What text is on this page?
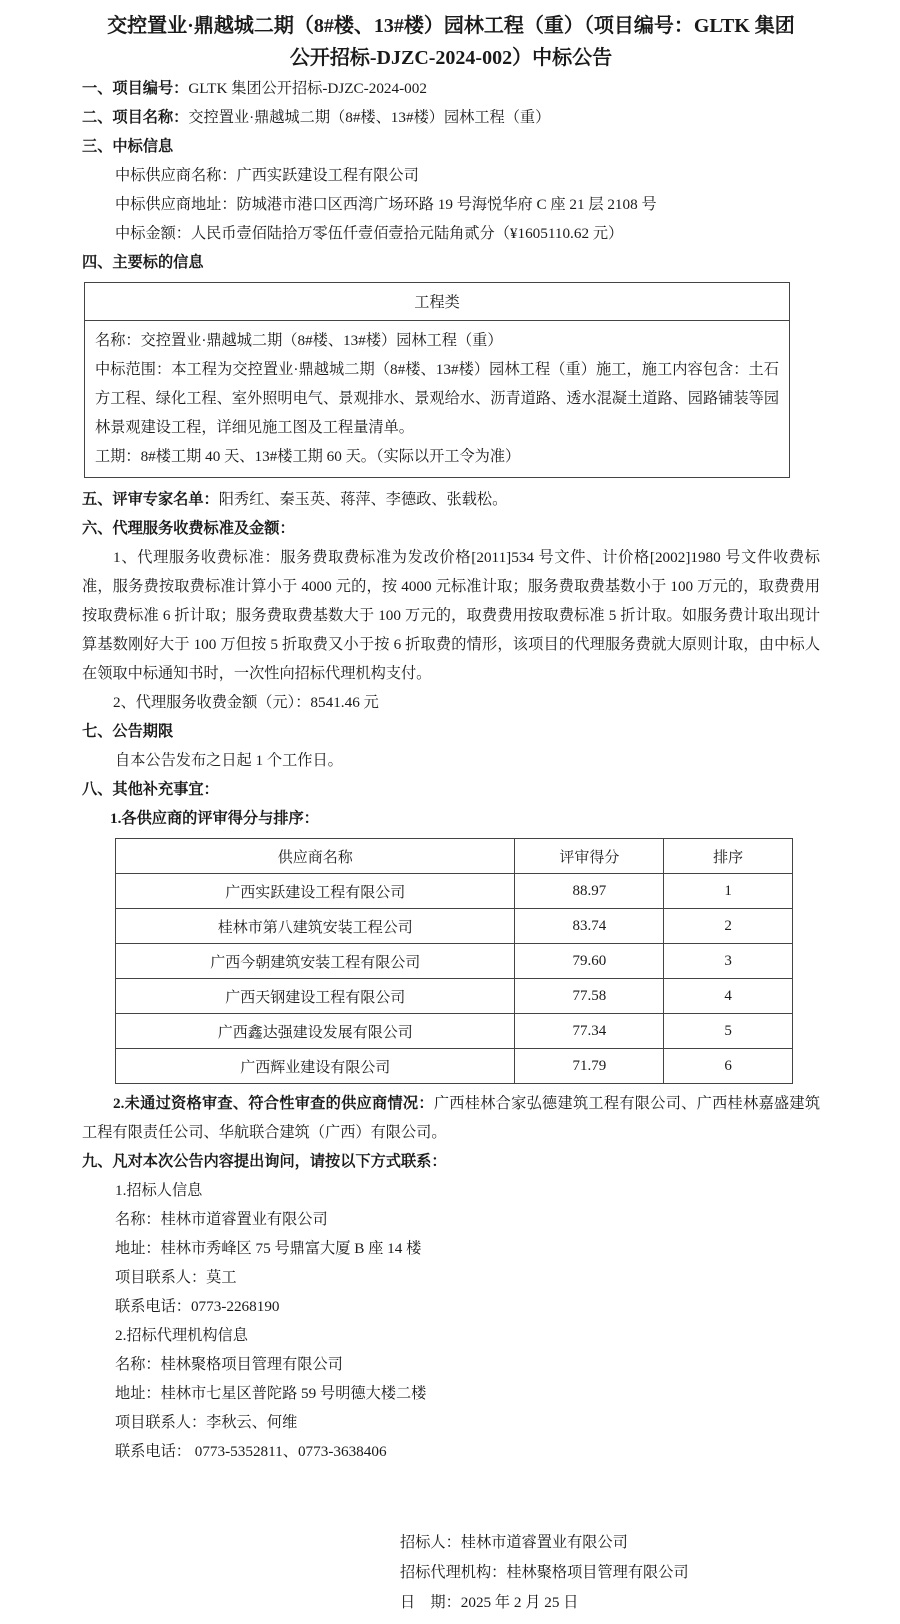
交控置业·鼎越城二期（8#楼、13#楼）园林工程（重）（项目编号：GLTK 集团
公开招标-DJZC-2024-002）中标公告
一、项目编号：GLTK 集团公开招标-DJZC-2024-002
二、项目名称：交控置业·鼎越城二期（8#楼、13#楼）园林工程（重）
三、中标信息
中标供应商名称：广西实跃建设工程有限公司
中标供应商地址：防城港市港口区西湾广场环路 19 号海悦华府 C 座 21 层 2108 号
中标金额：人民币壹佰陆拾万零伍仟壹佰壹拾元陆角贰分（¥1605110.62 元）
四、主要标的信息
工程类

名称：交控置业·鼎越城二期（8#楼、13#楼）园林工程（重）
中标范围：本工程为交控置业·鼎越城二期（8#楼、13#楼）园林工程（重）施工，施工内容包含：土石方工程、绿化工程、室外照明电气、景观排水、景观给水、沥青道路、透水混凝土道路、园路铺装等园林景观建设工程，详细见施工图及工程量清单。
工期：8#楼工期 40 天、13#楼工期 60 天。（实际以开工令为准）
五、评审专家名单：阳秀红、秦玉英、蒋萍、李德政、张载松。
六、代理服务收费标准及金额：
1、代理服务收费标准：服务费取费标准为发改价格[2011]534 号文件、计价格[2002]1980 号文件收费标准，服务费按取费标准计算小于 4000 元的，按 4000 元标准计取；服务费取费基数小于 100 万元的，取费费用按取费标准 6 折计取；服务费取费基数大于 100 万元的，取费费用按取费标准 5 折计取。如服务费计取出现计算基数刚好大于 100 万但按 5 折取费又小于按 6 折取费的情形，该项目的代理服务费就大原则计取，由中标人在领取中标通知书时，一次性向招标代理机构支付。
2、代理服务收费金额（元）：8541.46 元
七、公告期限
自本公告发布之日起 1 个工作日。
八、其他补充事宜：
1.各供应商的评审得分与排序：
供应商名称	评审得分	排序
广西实跃建设工程有限公司	88.97	1
桂林市第八建筑安装工程公司	83.74	2
广西今朝建筑安装工程有限公司	79.60	3
广西天钢建设工程有限公司	77.58	4
广西鑫达强建设发展有限公司	77.34	5
广西辉业建设有限公司	71.79	6
2.未通过资格审查、符合性审查的供应商情况：广西桂林合家弘德建筑工程有限公司、广西桂林嘉盛建筑工程有限责任公司、华航联合建筑（广西）有限公司。
九、凡对本次公告内容提出询问，请按以下方式联系：
1.招标人信息
名称：桂林市道睿置业有限公司
地址：桂林市秀峰区 75 号鼎富大厦 B 座 14 楼
项目联系人：莫工
联系电话：0773-2268190
2.招标代理机构信息
名称：桂林聚格项目管理有限公司
地址：桂林市七星区普陀路 59 号明德大楼二楼
项目联系人：李秋云、何维
联系电话： 0773-5352811、0773-3638406
招标人：桂林市道睿置业有限公司
招标代理机构：桂林聚格项目管理有限公司
日　期：2025 年 2 月 25 日
